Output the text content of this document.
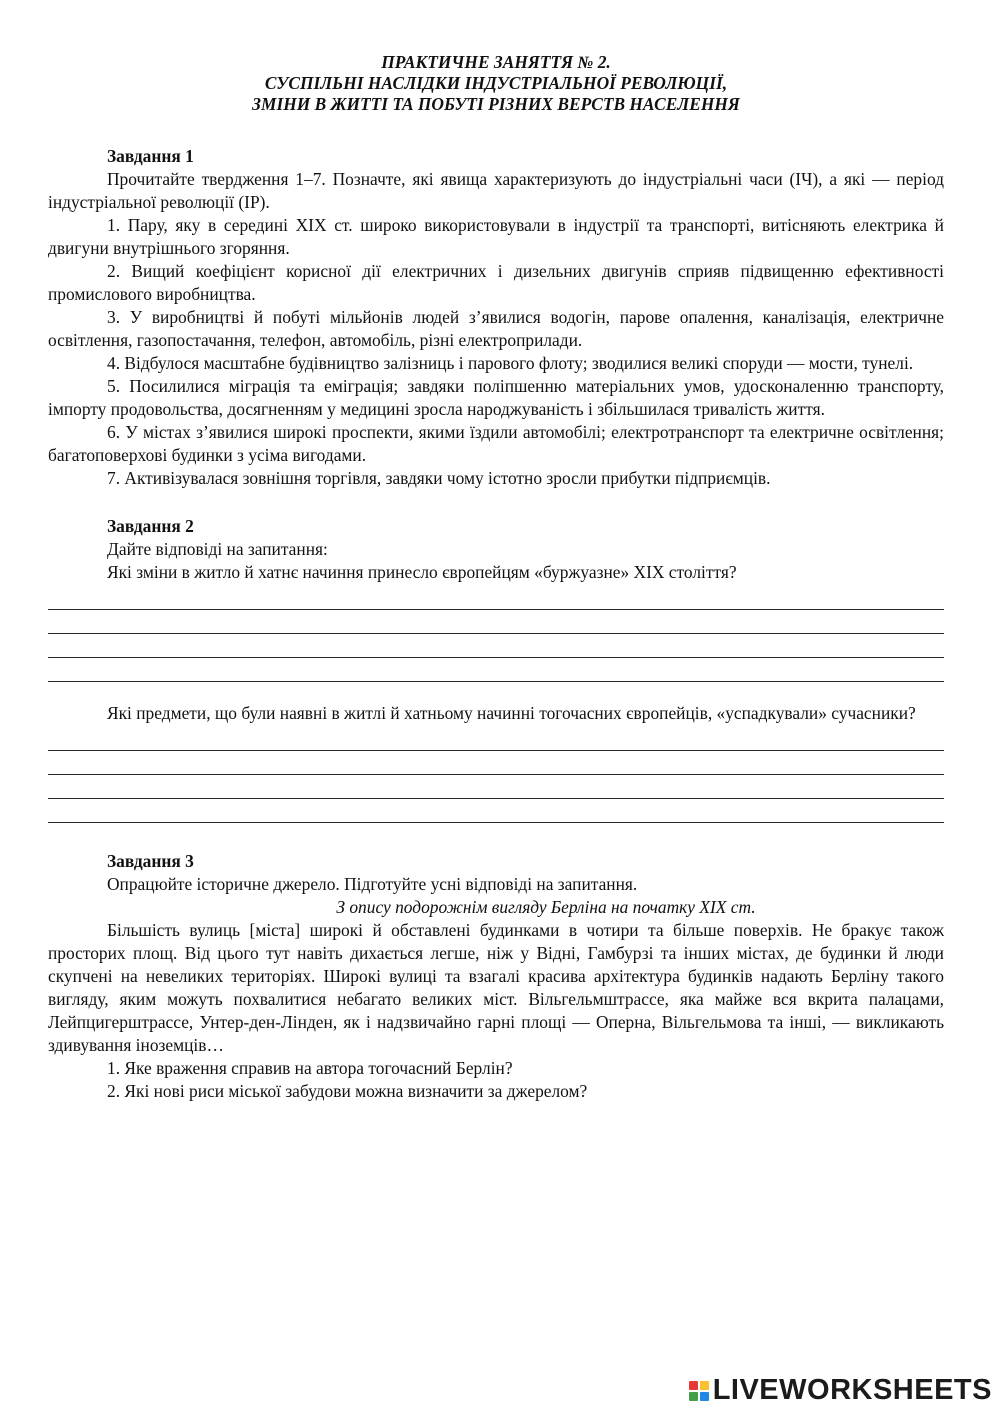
ПРАКТИЧНЕ ЗАНЯТТЯ № 2.

СУСПІЛЬНІ НАСЛІДКИ ІНДУСТРІАЛЬНОЇ РЕВОЛЮЦІЇ,

ЗМІНИ В ЖИТТІ ТА ПОБУТІ РІЗНИХ ВЕРСТВ НАСЕЛЕННЯ

Завдання 1

Прочитайте твердження 1–7. Позначте, які явища характеризують до індустріальні часи (ІЧ), а які — період індустріальної революції (ІР).

1. Пару, яку в середині XIX ст. широко використовували в індустрії та транспорті, витісняють електрика й двигуни внутрішнього згоряння.

2. Вищий коефіцієнт корисної дії електричних і дизельних двигунів сприяв підвищенню ефективності промислового виробництва.

3. У виробництві й побуті мільйонів людей з’явилися водогін, парове опалення, каналізація, електричне освітлення, газопостачання, телефон, автомобіль, різні електроприлади.

4. Відбулося масштабне будівництво залізниць і парового флоту; зводилися великі споруди — мости, тунелі.

5. Посилилися міграція та еміграція; завдяки поліпшенню матеріальних умов, удосконаленню транспорту, імпорту продовольства, досягненням у медицині зросла народжуваність і збільшилася тривалість життя.

6. У містах з’явилися широкі проспекти, якими їздили автомобілі; електротранспорт та електричне освітлення; багатоповерхові будинки з усіма вигодами.

7. Активізувалася зовнішня торгівля, завдяки чому істотно зросли прибутки підприємців.

Завдання 2

Дайте відповіді на запитання:

Які зміни в житло й хатнє начиння принесло європейцям «буржуазне» XIX століття?

Які предмети, що були наявні в житлі й хатньому начинні тогочасних європейців, «успадкували» сучасники?

Завдання 3

Опрацюйте історичне джерело. Підготуйте усні відповіді на запитання.

З опису подорожнім вигляду Берліна на початку XIX ст.

Більшість вулиць [міста] широкі й обставлені будинками в чотири та більше поверхів. Не бракує також просторих площ. Від цього тут навіть дихається легше, ніж у Відні, Гамбурзі та інших містах, де будинки й люди скупчені на невеликих територіях. Широкі вулиці та взагалі красива архітектура будинків надають Берліну такого вигляду, яким можуть похвалитися небагато великих міст. Вільгельмштрассе, яка майже вся вкрита палацами, Лейпцигерштрассе, Унтер-ден-Лінден, як і надзвичайно гарні площі — Оперна, Вільгельмова та інші, — викликають здивування іноземців…

1. Яке враження справив на автора тогочасний Берлін?

2. Які нові риси міської забудови можна визначити за джерелом?

LIVEWORKSHEETS
